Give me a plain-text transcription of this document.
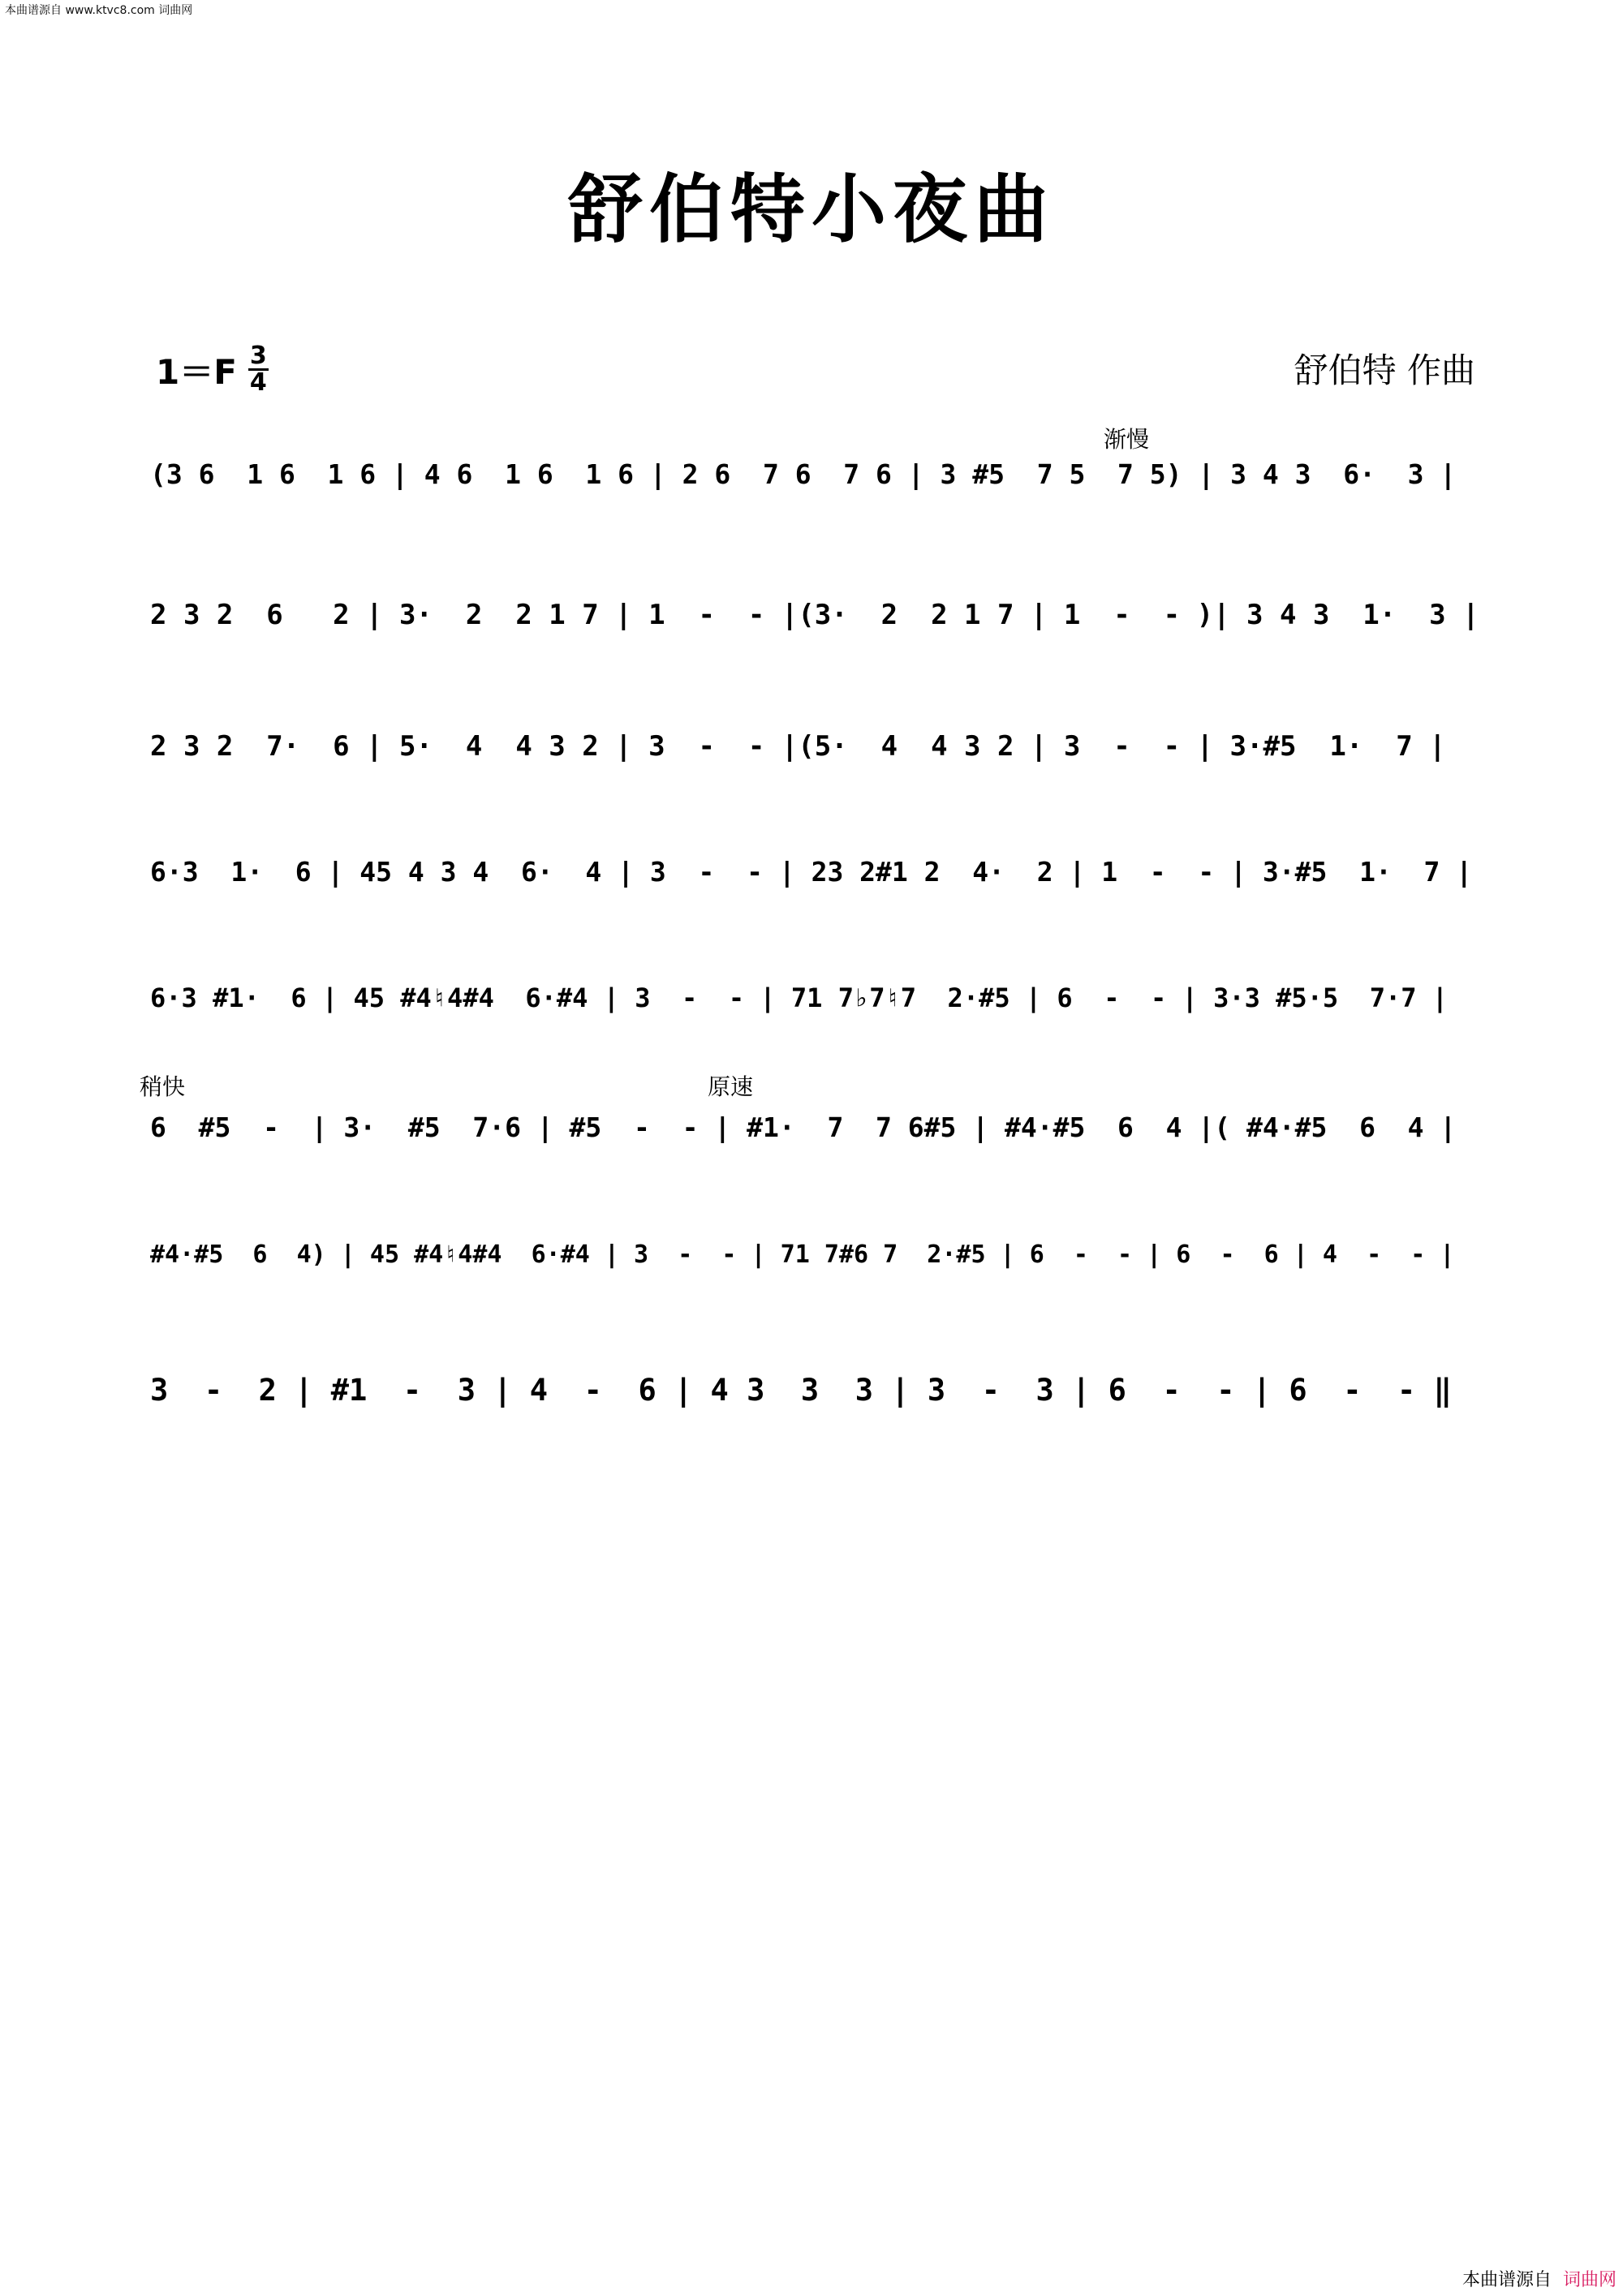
本曲谱源自 www.ktvc8.com 词曲网
舒伯特小夜曲
$1=F \frac{3}{4}$	舒伯特 作曲
渐慢
稍快	原速
(3 6  1 6  1 6 | 4 6  1 6  1 6 | 2 6  7 6  7 6 | 3 #5  7 5  7 5) | 3 4 3  6·  3 |
2 3 2  6   2 | 3·  2  2 1 7 | 1  -  - |(3·  2  2 1 7 | 1  -  - )| 3 4 3  1·  3 |
2 3 2  7·  6 | 5·  4  4 3 2 | 3  -  - |(5·  4  4 3 2 | 3  -  - | 3·#5  1·  7 |
6·3  1·  6 | 45 4 3 4  6·  4 | 3  -  - | 23 2#1 2  4·  2 | 1  -  - | 3·#5  1·  7 |
6·3 #1·  6 | 45 #4♮4#4  6·#4 | 3  -  - | 71 7♭7♮7  2·#5 | 6  -  - | 3·3 #5·5  7·7 |
6  #5  -  | 3·  #5  7·6 | #5  -  - | #1·  7  7 6#5 | #4·#5  6  4 |( #4·#5  6  4 |
#4·#5  6  4) | 45 #4♮4#4  6·#4 | 3  -  - | 71 7#6 7  2·#5 | 6  -  - | 6  -  6 | 4  -  - |
3  -  2 | #1  -  3 | 4  -  6 | 4 3  3  3 | 3  -  3 | 6  -  - | 6  -  - ‖
本曲谱源自 词曲网
